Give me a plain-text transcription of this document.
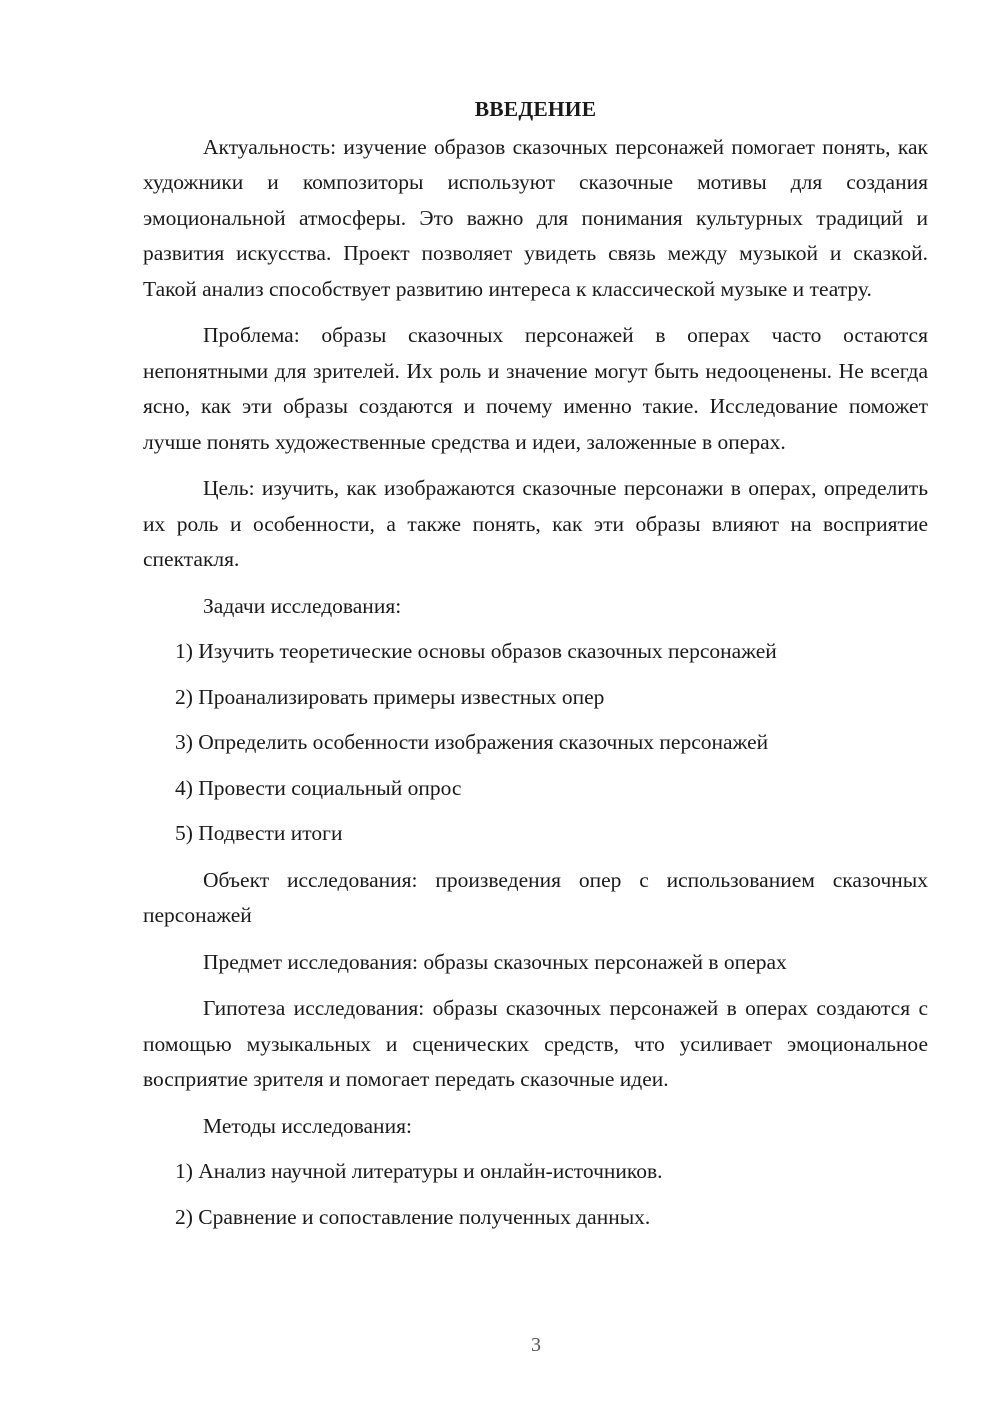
ВВЕДЕНИЕ

Актуальность: изучение образов сказочных персонажей помогает понять, как художники и композиторы используют сказочные мотивы для создания эмоциональной атмосферы. Это важно для понимания культурных традиций и развития искусства. Проект позволяет увидеть связь между музыкой и сказкой. Такой анализ способствует развитию интереса к классической музыке и театру.

Проблема: образы сказочных персонажей в операх часто остаются непонятными для зрителей. Их роль и значение могут быть недооценены. Не всегда ясно, как эти образы создаются и почему именно такие. Исследование поможет лучше понять художественные средства и идеи, заложенные в операх.

Цель: изучить, как изображаются сказочные персонажи в операх, определить их роль и особенности, а также понять, как эти образы влияют на восприятие спектакля.

Задачи исследования:

1) Изучить теоретические основы образов сказочных персонажей

2) Проанализировать примеры известных опер

3) Определить особенности изображения сказочных персонажей

4) Провести социальный опрос

5) Подвести итоги

Объект исследования: произведения опер с использованием сказочных персонажей

Предмет исследования: образы сказочных персонажей в операх

Гипотеза исследования: образы сказочных персонажей в операх создаются с помощью музыкальных и сценических средств, что усиливает эмоциональное восприятие зрителя и помогает передать сказочные идеи.

Методы исследования:

1) Анализ научной литературы и онлайн-источников.

2) Сравнение и сопоставление полученных данных.

3
